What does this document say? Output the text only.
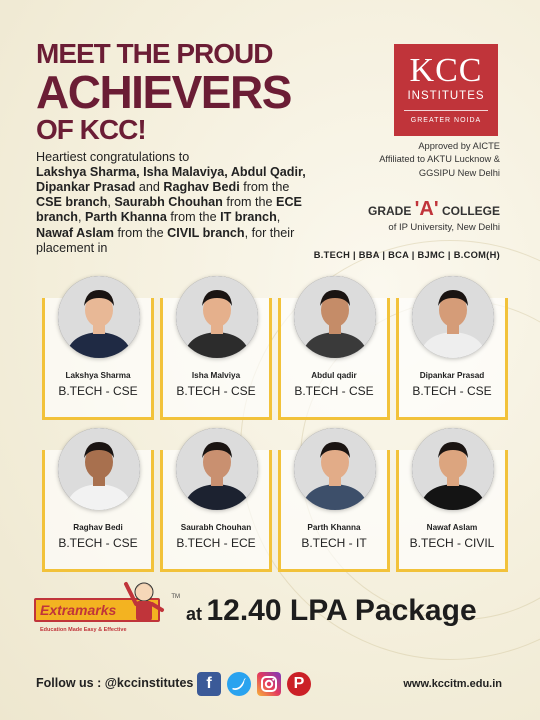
MEET THE PROUD
ACHIEVERS
OF KCC!
Heartiest congratulations to
Lakshya Sharma, Isha Malaviya, Abdul Qadir, Dipankar Prasad and Raghav Bedi from the CSE branch, Saurabh Chouhan from the ECE branch, Parth Khanna from the IT branch, Nawaf Aslam from the CIVIL branch, for their placement in
KCC
INSTITUTES
GREATER NOIDA
Approved by AICTE
Affiliated to AKTU Lucknow &
GGSIPU New Delhi
GRADE 'A' COLLEGE
of IP University, New Delhi
B.TECH | BBA | BCA | BJMC | B.COM(H)
Lakshya Sharma
B.TECH - CSE
Isha Malviya
B.TECH - CSE
Abdul qadir
B.TECH - CSE
Dipankar Prasad
B.TECH - CSE
Raghav Bedi
B.TECH - CSE
Saurabh Chouhan
B.TECH - ECE
Parth Khanna
B.TECH - IT
Nawaf Aslam
B.TECH - CIVIL
Extramarks
TM
Education Made Easy & Effective
at 12.40 LPA Package
Follow us : @kccinstitutes f	P	www.kccitm.edu.in
